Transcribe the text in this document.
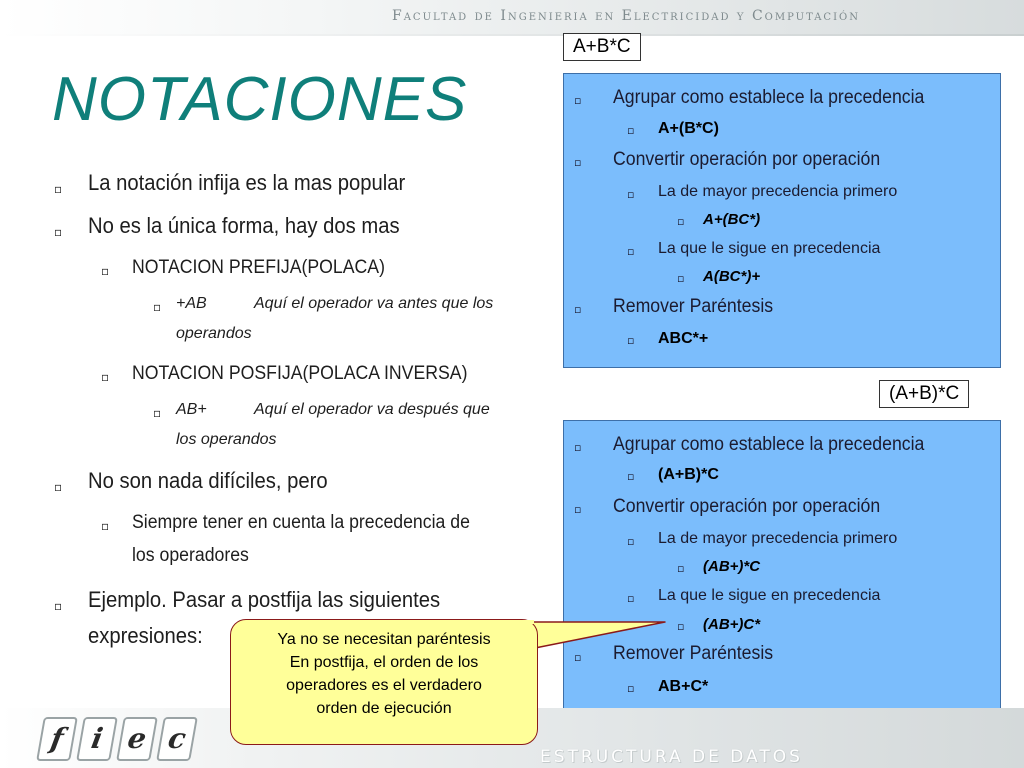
Facultad de Ingenieria en Electricidad y Computación
NOTACIONES
▫ La notación infija es la mas popular
▫ No es la única forma, hay dos mas
▫ NOTACION PREFIJA(POLACA)
▫ +AB	Aquí el operador va antes que los
operandos
▫ NOTACION POSFIJA(POLACA INVERSA)
▫ AB+	Aquí el operador va después que
los operandos
▫ No son nada difíciles, pero
▫ Siempre tener en cuenta la precedencia de
los operadores
▫ Ejemplo. Pasar a postfija las siguientes
expresiones:
A+B*C
▫ Agrupar como establece la precedencia
▫ A+(B*C)
▫ Convertir operación por operación
▫ La de mayor precedencia primero
▫ A+(BC*)
▫ La que le sigue en precedencia
▫ A(BC*)+
▫ Remover Paréntesis
▫ ABC*+
(A+B)*C
▫ Agrupar como establece la precedencia
▫ (A+B)*C
▫ Convertir operación por operación
▫ La de mayor precedencia primero
▫ (AB+)*C
▫ La que le sigue en precedencia
▫ (AB+)C*
▫ Remover Paréntesis
▫ AB+C*
f i e c
ESTRUCTURA DE DATOS
Ya no se necesitan paréntesis
En postfija, el orden de los
operadores es el verdadero
orden de ejecución
